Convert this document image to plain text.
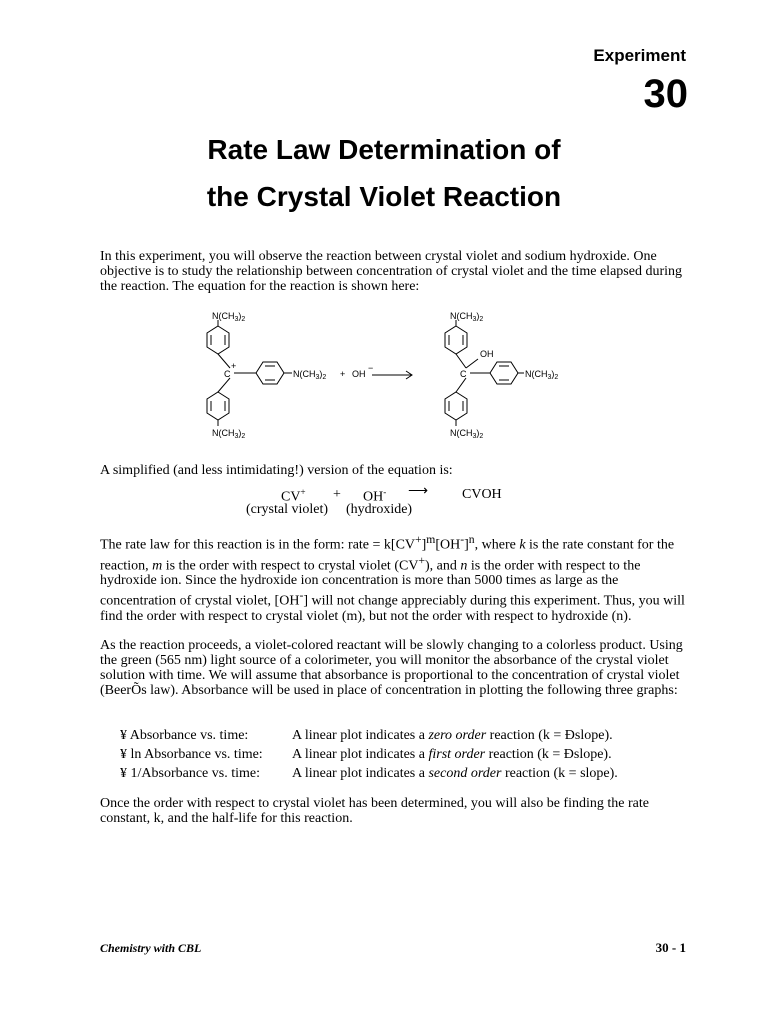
Experiment
30
Rate Law Determination of
the Crystal Violet Reaction

In this experiment, you will observe the reaction between crystal violet and sodium hydroxide. One objective is to study the relationship between concentration of crystal violet and the time elapsed during the reaction. The equation for the reaction is shown here:

$N(CH_3)_2$
C
+
$N(CH_3)_2$ + OH
−
$N(CH_3)_2$
$N(CH_3)_2$
OH
C	$N(CH_3)_2$
$N(CH_3)_2$

A simplified (and less intimidating!) version of the equation is:

CV+ + OH- ⟶ CVOH
(crystal violet) (hydroxide)

The rate law for this reaction is in the form: rate = $k[CV^+]^m[OH^-]^n$, where k is the rate constant for the reaction, m is the order with respect to crystal violet (CV+), and n is the order with respect to the hydroxide ion. Since the hydroxide ion concentration is more than 5000 times as large as the concentration of crystal violet, [OH-] will not change appreciably during this experiment. Thus, you will find the order with respect to crystal violet (m), but not the order with respect to hydroxide (n).

As the reaction proceeds, a violet-colored reactant will be slowly changing to a colorless product. Using the green (565 nm) light source of a colorimeter, you will monitor the absorbance of the crystal violet solution with time. We will assume that absorbance is proportional to the concentration of crystal violet (BeerÕs law). Absorbance will be used in place of concentration in plotting the following three graphs:

¥ Absorbance vs. time:	A linear plot indicates a zero order reaction (k = Ðslope).
¥ ln Absorbance vs. time:	A linear plot indicates a first order reaction (k = Ðslope).
¥ 1/Absorbance vs. time:	A linear plot indicates a second order reaction (k = slope).

Once the order with respect to crystal violet has been determined, you will also be finding the rate constant, k, and the half-life for this reaction.

Chemistry with CBL	30 - 1
